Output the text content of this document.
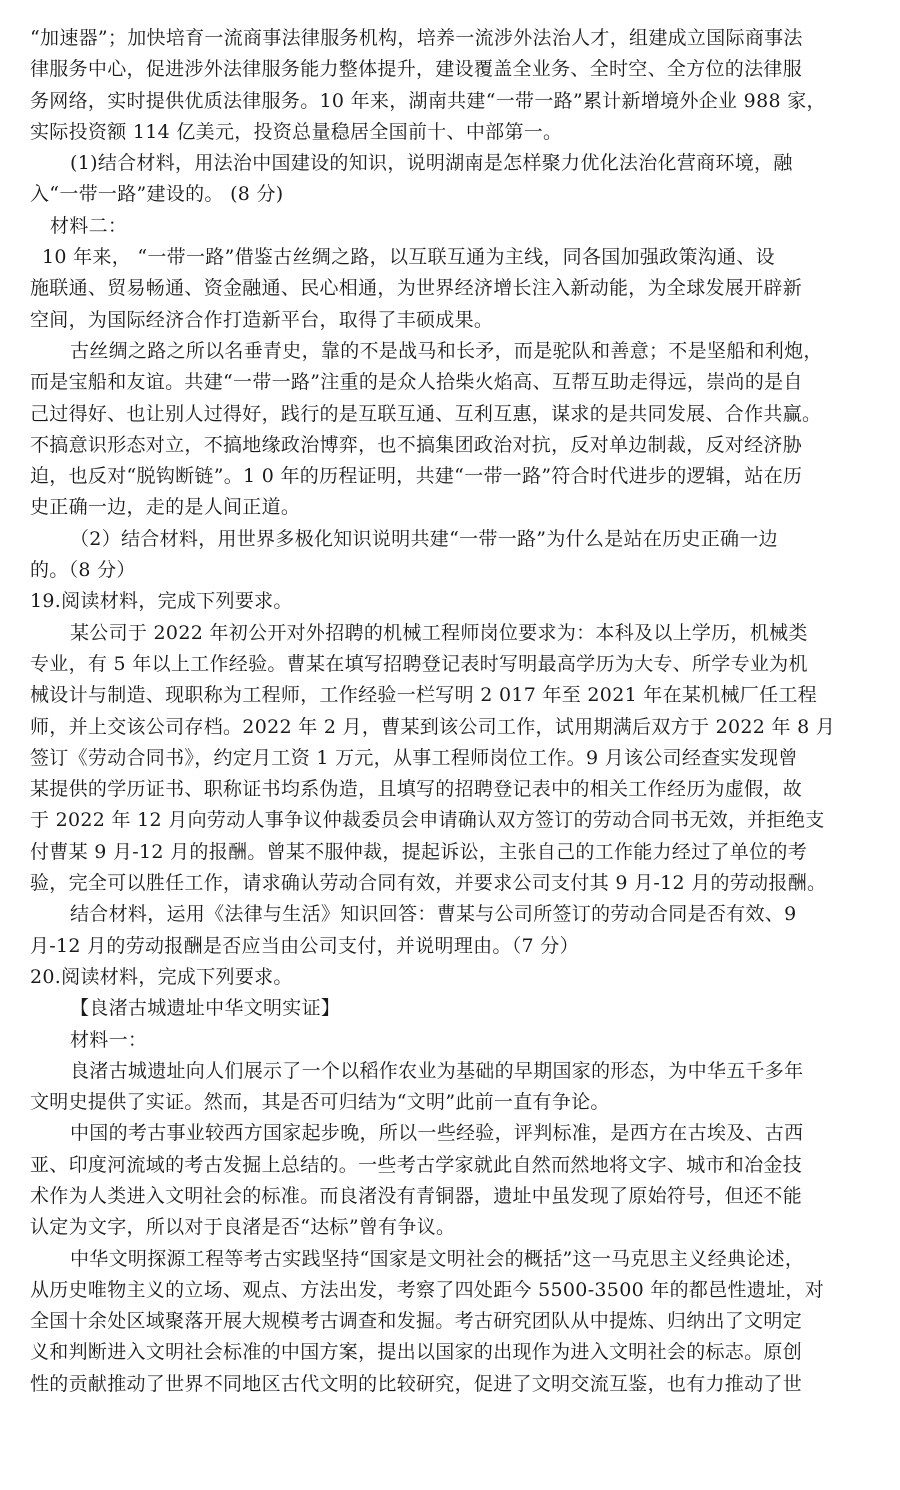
“加速器”；加快培育一流商事法律服务机构，培养一流涉外法治人才，组建成立国际商事法
律服务中心，促进涉外法律服务能力整体提升，建设覆盖全业务、全时空、全方位的法律服
务网络，实时提供优质法律服务。10 年来，湖南共建“一带一路”累计新增境外企业 988 家，
实际投资额 114 亿美元，投资总量稳居全国前十、中部第一。
(1)结合材料，用法治中国建设的知识，说明湖南是怎样聚力优化法治化营商环境，融
入“一带一路”建设的。 (8 分)
材料二：
10 年来， “一带一路”借鉴古丝绸之路，以互联互通为主线，同各国加强政策沟通、设
施联通、贸易畅通、资金融通、民心相通，为世界经济增长注入新动能，为全球发展开辟新
空间，为国际经济合作打造新平台，取得了丰硕成果。
古丝绸之路之所以名垂青史，靠的不是战马和长矛，而是驼队和善意；不是坚船和利炮，
而是宝船和友谊。共建“一带一路”注重的是众人拾柴火焰高、互帮互助走得远，崇尚的是自
己过得好、也让别人过得好，践行的是互联互通、互利互惠，谋求的是共同发展、合作共赢。
不搞意识形态对立，不搞地缘政治博弈，也不搞集团政治对抗，反对单边制裁，反对经济胁
迫，也反对“脱钩断链”。1 0 年的历程证明，共建“一带一路”符合时代进步的逻辑，站在历
史正确一边，走的是人间正道。
（2）结合材料，用世界多极化知识说明共建“一带一路”为什么是站在历史正确一边
的。（8 分）
19.阅读材料，完成下列要求。
某公司于 2022 年初公开对外招聘的机械工程师岗位要求为：本科及以上学历，机械类
专业，有 5 年以上工作经验。曹某在填写招聘登记表时写明最高学历为大专、所学专业为机
械设计与制造、现职称为工程师，工作经验一栏写明 2 017 年至 2021 年在某机械厂任工程
师，并上交该公司存档。2022 年 2 月，曹某到该公司工作，试用期满后双方于 2022 年 8 月
签订《劳动合同书》，约定月工资 1 万元，从事工程师岗位工作。9 月该公司经查实发现曾
某提供的学历证书、职称证书均系伪造，且填写的招聘登记表中的相关工作经历为虚假，故
于 2022 年 12 月向劳动人事争议仲裁委员会申请确认双方签订的劳动合同书无效，并拒绝支
付曹某 9 月-12 月的报酬。曾某不服仲裁，提起诉讼，主张自己的工作能力经过了单位的考
验，完全可以胜任工作，请求确认劳动合同有效，并要求公司支付其 9 月-12 月的劳动报酬。
结合材料，运用《法律与生活》知识回答：曹某与公司所签订的劳动合同是否有效、9
月-12 月的劳动报酬是否应当由公司支付，并说明理由。（7 分）
20.阅读材料，完成下列要求。
【良渚古城遗址中华文明实证】
材料一：
良渚古城遗址向人们展示了一个以稻作农业为基础的早期国家的形态，为中华五千多年
文明史提供了实证。然而，其是否可归结为“文明”此前一直有争论。
中国的考古事业较西方国家起步晚，所以一些经验，评判标准，是西方在古埃及、古西
亚、印度河流域的考古发掘上总结的。一些考古学家就此自然而然地将文字、城市和冶金技
术作为人类进入文明社会的标准。而良渚没有青铜器，遗址中虽发现了原始符号，但还不能
认定为文字，所以对于良渚是否“达标”曾有争议。
中华文明探源工程等考古实践坚持“国家是文明社会的概括”这一马克思主义经典论述，
从历史唯物主义的立场、观点、方法出发，考察了四处距今 5500-3500 年的都邑性遗址，对
全国十余处区域聚落开展大规模考古调查和发掘。考古研究团队从中提炼、归纳出了文明定
义和判断进入文明社会标准的中国方案，提出以国家的出现作为进入文明社会的标志。原创
性的贡献推动了世界不同地区古代文明的比较研究，促进了文明交流互鉴，也有力推动了世
